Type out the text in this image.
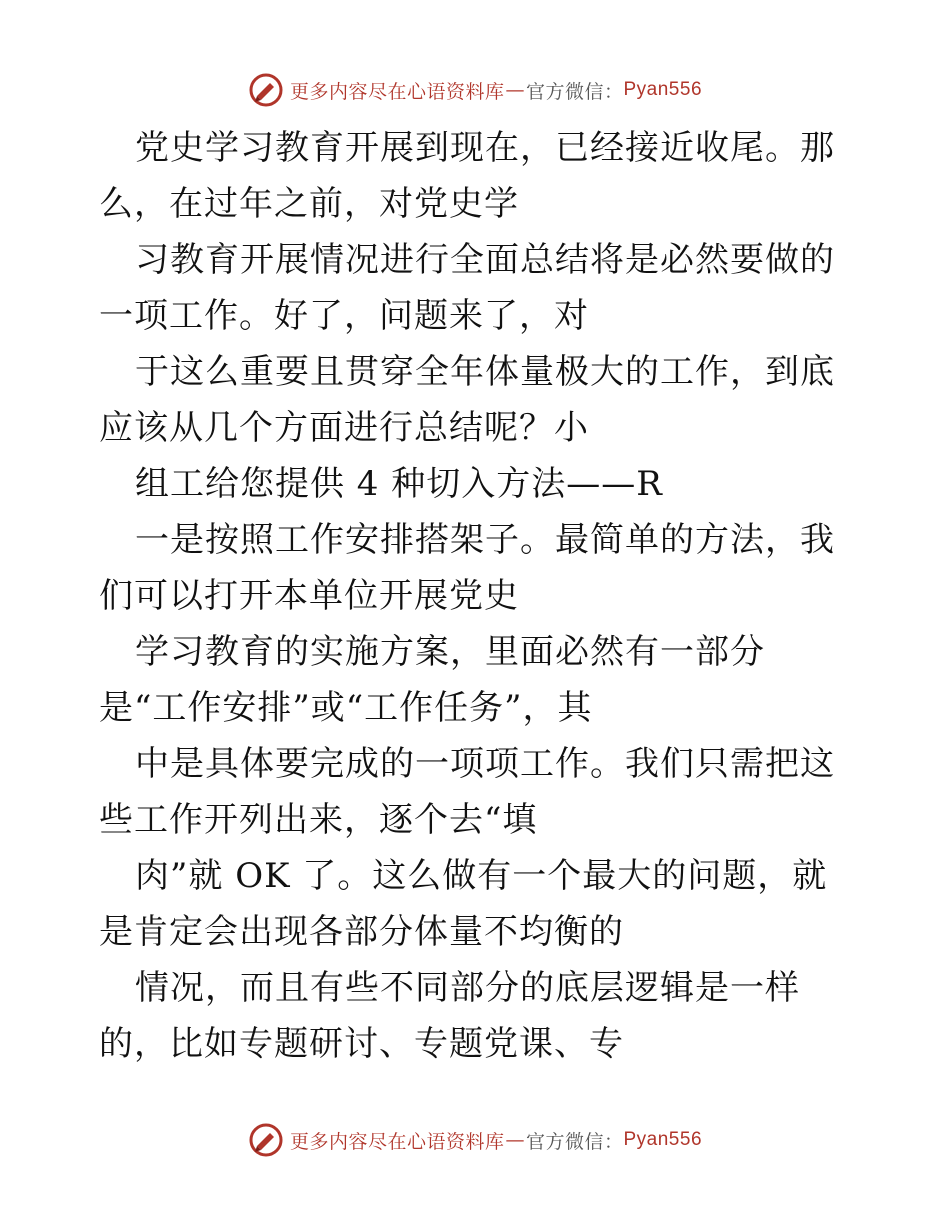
更多内容尽在心语资料库 — 官方微信： Pyan556

党史学习教育开展到现在，已经接近收尾。那么，在过年之前，对党史学

习教育开展情况进行全面总结将是必然要做的一项工作。好了，问题来了，对

于这么重要且贯穿全年体量极大的工作，到底应该从几个方面进行总结呢？小

组工给您提供 4 种切入方法——R

一是按照工作安排搭架子。最简单的方法，我们可以打开本单位开展党史

学习教育的实施方案，里面必然有一部分是“工作安排”或“工作任务”，其

中是具体要完成的一项项工作。我们只需把这些工作开列出来，逐个去“填

肉”就 OK 了。这么做有一个最大的问题，就是肯定会出现各部分体量不均衡的

情况，而且有些不同部分的底层逻辑是一样的，比如专题研讨、专题党课、专

更多内容尽在心语资料库 — 官方微信： Pyan556
